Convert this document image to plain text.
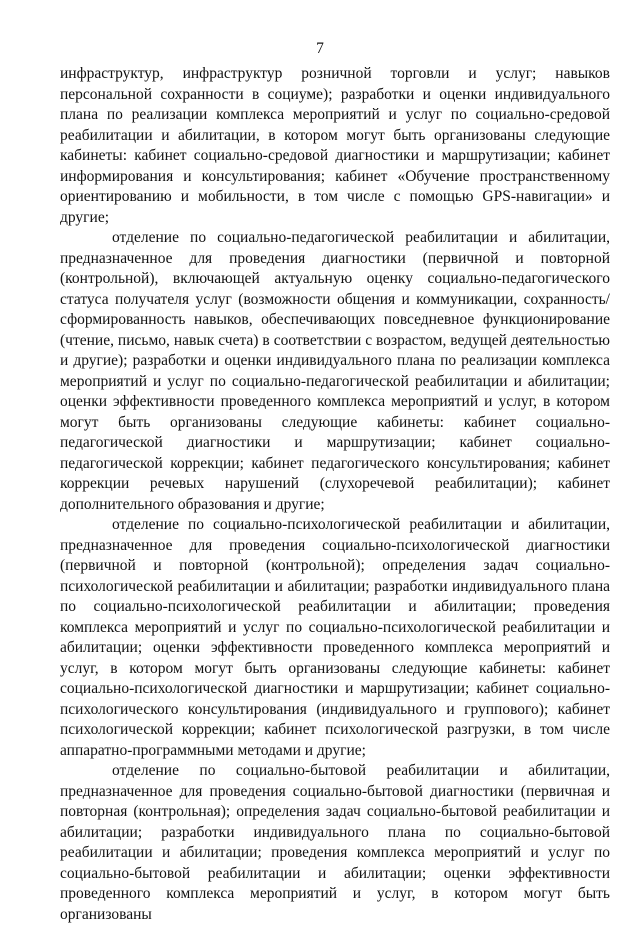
7

инфраструктур, инфраструктур розничной торговли и услуг; навыков персональной сохранности в социуме); разработки и оценки индивидуального плана по реализации комплекса мероприятий и услуг по социально-средовой реабилитации и абилитации, в котором могут быть организованы следующие кабинеты: кабинет социально-средовой диагностики и маршрутизации; кабинет информирования и консультирования; кабинет «Обучение пространственному ориентированию и мобильности, в том числе с помощью GPS-навигации» и другие;

отделение по социально-педагогической реабилитации и абилитации, предназначенное для проведения диагностики (первичной и повторной (контрольной), включающей актуальную оценку социально-педагогического статуса получателя услуг (возможности общения и коммуникации, сохранность/сформированность навыков, обеспечивающих повседневное функционирование (чтение, письмо, навык счета) в соответствии с возрастом, ведущей деятельностью и другие); разработки и оценки индивидуального плана по реализации комплекса мероприятий и услуг по социально-педагогической реабилитации и абилитации; оценки эффективности проведенного комплекса мероприятий и услуг, в котором могут быть организованы следующие кабинеты: кабинет социально-педагогической диагностики и маршрутизации; кабинет социально-педагогической коррекции; кабинет педагогического консультирования; кабинет коррекции речевых нарушений (слухоречевой реабилитации); кабинет дополнительного образования и другие;

отделение по социально-психологической реабилитации и абилитации, предназначенное для проведения социально-психологической диагностики (первичной и повторной (контрольной); определения задач социально-психологической реабилитации и абилитации; разработки индивидуального плана по социально-психологической реабилитации и абилитации; проведения комплекса мероприятий и услуг по социально-психологической реабилитации и абилитации; оценки эффективности проведенного комплекса мероприятий и услуг, в котором могут быть организованы следующие кабинеты: кабинет социально-психологической диагностики и маршрутизации; кабинет социально-психологического консультирования (индивидуального и группового); кабинет психологической коррекции; кабинет психологической разгрузки, в том числе аппаратно-программными методами и другие;

отделение по социально-бытовой реабилитации и абилитации, предназначенное для проведения социально-бытовой диагностики (первичная и повторная (контрольная); определения задач социально-бытовой реабилитации и абилитации; разработки индивидуального плана по социально-бытовой реабилитации и абилитации; проведения комплекса мероприятий и услуг по социально-бытовой реабилитации и абилитации; оценки эффективности проведенного комплекса мероприятий и услуг, в котором могут быть организованы
